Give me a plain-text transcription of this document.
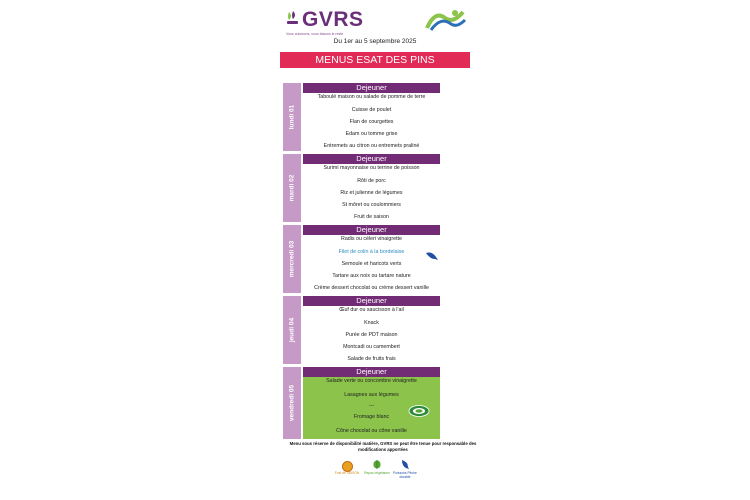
GVRS
Vous cuisinons, vous faisons le reste
Du 1er au 5 septembre 2025
MENUS ESAT DES PINS
lundi 01
mardi 02
mercredi 03
jeudi 04
vendredi 05
Dejeuner
Dejeuner
Dejeuner
Dejeuner
Dejeuner
Taboulé maison ou salade de pomme de terre
Cuisse de poulet
Flan de courgettes
Edam ou tomme grise
Entremets au citron ou entremets praliné
Surimi mayonnaise ou terrine de poisson
Rôti de porc
Riz et julienne de légumes
St môret ou coulommiers
Fruit de saison
Radis ou céleri vinaigrette
Filet de colin à la bordelaise
Semoule et haricots verts
Tartare aux noix ou tartare nature
Crème dessert chocolat ou crème dessert vanille
Œuf dur ou saucisson à l'ail
Knack
Purée de PDT maison
Montcadi ou camembert
Salade de fruits frais
Salade verte ou concombre vinaigrette
Lasagnes aux légumes
---
Fromage blanc
Cône chocolat ou cône vanille
Menu sous réserve de disponibilité matière, GVRS ne peut être tenue pour responsable des modifications apportées
Fruit de SAISON	Repas végétarien Poissons Pêche durable
